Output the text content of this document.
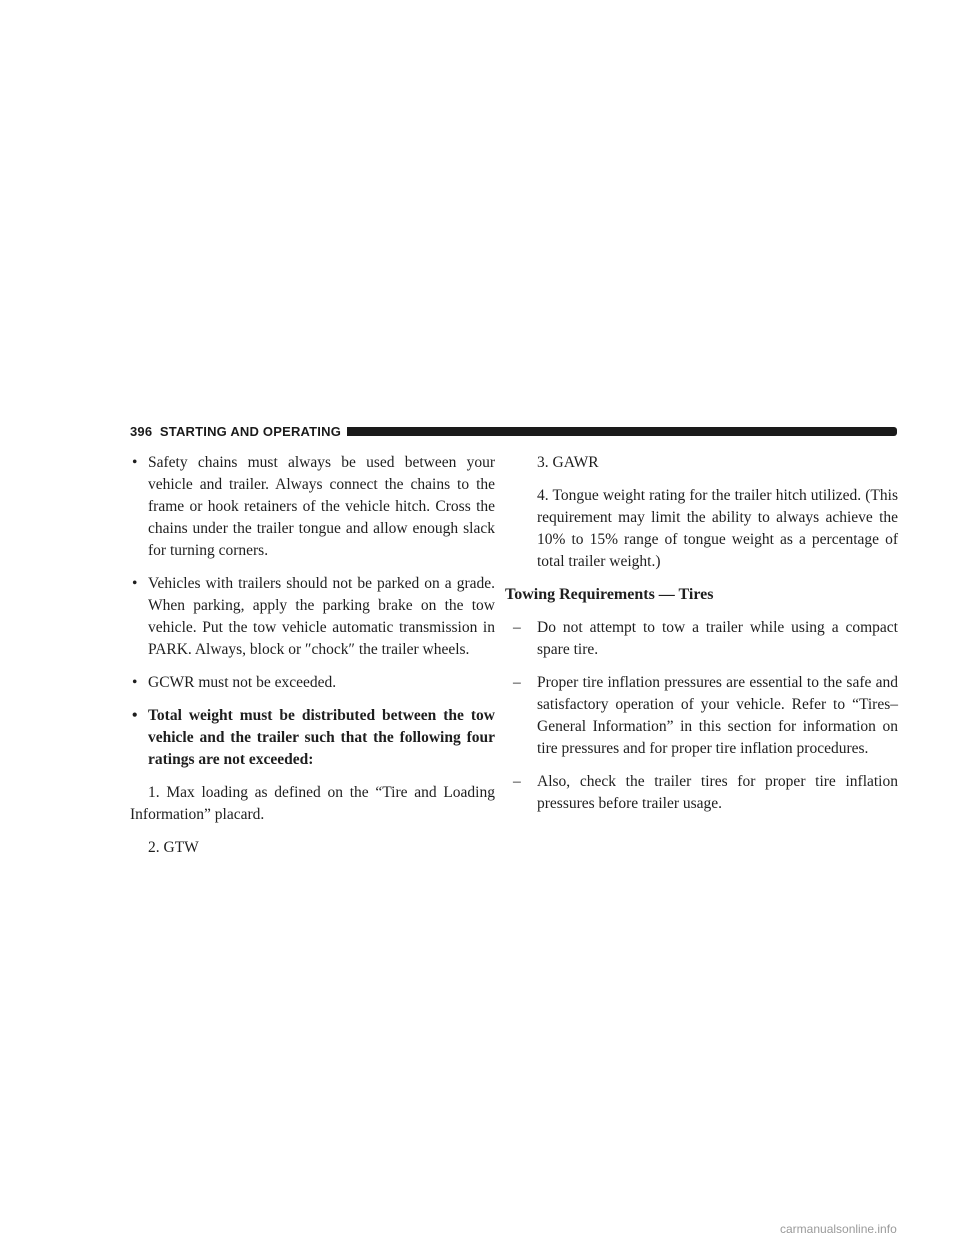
396 STARTING AND OPERATING

• Safety chains must always be used between your vehicle and trailer. Always connect the chains to the frame or hook retainers of the vehicle hitch. Cross the chains under the trailer tongue and allow enough slack for turning corners.

• Vehicles with trailers should not be parked on a grade. When parking, apply the parking brake on the tow vehicle. Put the tow vehicle automatic transmission in PARK. Always, block or ″chock″ the trailer wheels.

• GCWR must not be exceeded.

• Total weight must be distributed between the tow vehicle and the trailer such that the following four ratings are not exceeded:

1. Max loading as defined on the “Tire and Loading Information” placard.

2. GTW

3. GAWR

4. Tongue weight rating for the trailer hitch utilized. (This requirement may limit the ability to always achieve the 10% to 15% range of tongue weight as a percentage of total trailer weight.)

Towing Requirements — Tires

– Do not attempt to tow a trailer while using a compact spare tire.

– Proper tire inflation pressures are essential to the safe and satisfactory operation of your vehicle. Refer to “Tires–General Information” in this section for information on tire pressures and for proper tire inflation procedures.

– Also, check the trailer tires for proper tire inflation pressures before trailer usage.

carmanualsonline.info
